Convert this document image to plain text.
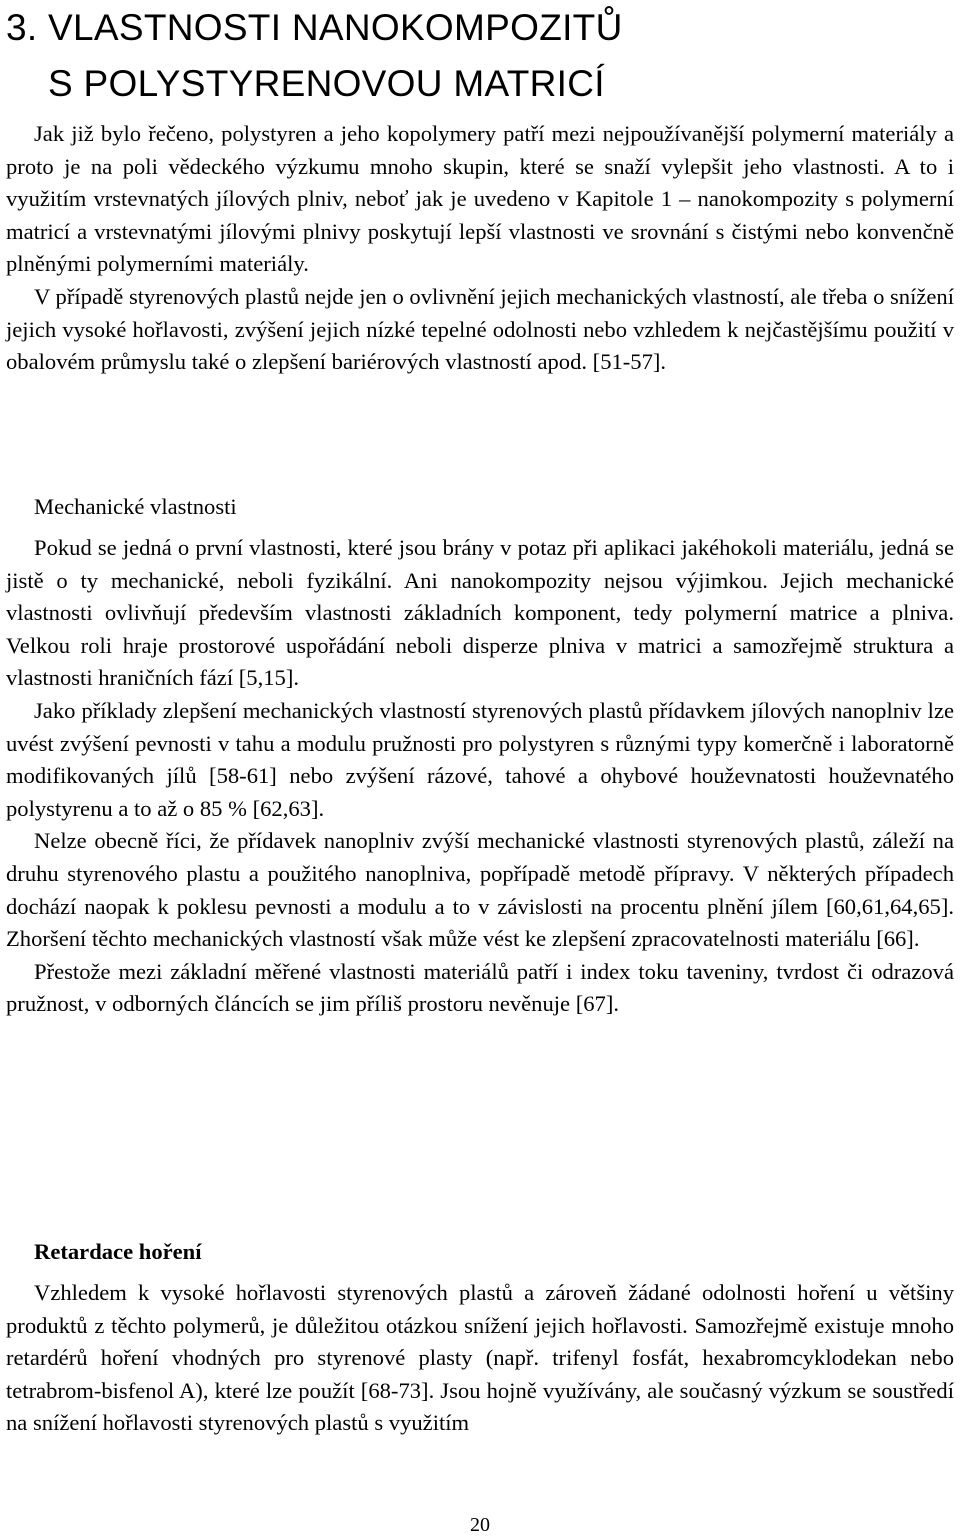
3. VLASTNOSTI NANOKOMPOZITŮ
S POLYSTYRENOVOU MATRICÍ

Jak již bylo řečeno, polystyren a jeho kopolymery patří mezi nejpoužívanější polymerní materiály a proto je na poli vědeckého výzkumu mnoho skupin, které se snaží vylepšit jeho vlastnosti. A to i využitím vrstevnatých jílových plniv, neboť jak je uvedeno v Kapitole 1 – nanokompozity s polymerní matricí a vrstevnatými jílovými plnivy poskytují lepší vlastnosti ve srovnání s čistými nebo konvenčně plněnými polymerními materiály.

V případě styrenových plastů nejde jen o ovlivnění jejich mechanických vlastností, ale třeba o snížení jejich vysoké hořlavosti, zvýšení jejich nízké tepelné odolnosti nebo vzhledem k nejčastějšímu použití v obalovém průmyslu také o zlepšení bariérových vlastností apod. [51-57].

Mechanické vlastnosti

Pokud se jedná o první vlastnosti, které jsou brány v potaz při aplikaci jakéhokoli materiálu, jedná se jistě o ty mechanické, neboli fyzikální. Ani nanokompozity nejsou výjimkou. Jejich mechanické vlastnosti ovlivňují především vlastnosti základních komponent, tedy polymerní matrice a plniva. Velkou roli hraje prostorové uspořádání neboli disperze plniva v matrici a samozřejmě struktura a vlastnosti hraničních fází [5,15].

Jako příklady zlepšení mechanických vlastností styrenových plastů přídavkem jílových nanoplniv lze uvést zvýšení pevnosti v tahu a modulu pružnosti pro polystyren s různými typy komerčně i laboratorně modifikovaných jílů [58-61] nebo zvýšení rázové, tahové a ohybové houževnatosti houževnatého polystyrenu a to až o 85 % [62,63].

Nelze obecně říci, že přídavek nanoplniv zvýší mechanické vlastnosti styrenových plastů, záleží na druhu styrenového plastu a použitého nanoplniva, popřípadě metodě přípravy. V některých případech dochází naopak k poklesu pevnosti a modulu a to v závislosti na procentu plnění jílem [60,61,64,65]. Zhoršení těchto mechanických vlastností však může vést ke zlepšení zpracovatelnosti materiálu [66].

Přestože mezi základní měřené vlastnosti materiálů patří i index toku taveniny, tvrdost či odrazová pružnost, v odborných článcích se jim příliš prostoru nevěnuje [67].

Retardace hoření

Vzhledem k vysoké hořlavosti styrenových plastů a zároveň žádané odolnosti hoření u většiny produktů z těchto polymerů, je důležitou otázkou snížení jejich hořlavosti. Samozřejmě existuje mnoho retardérů hoření vhodných pro styrenové plasty (např. trifenyl fosfát, hexabromcyklodekan nebo tetrabrom-bisfenol A), které lze použít [68-73]. Jsou hojně využívány, ale současný výzkum se soustředí na snížení hořlavosti styrenových plastů s využitím

20
